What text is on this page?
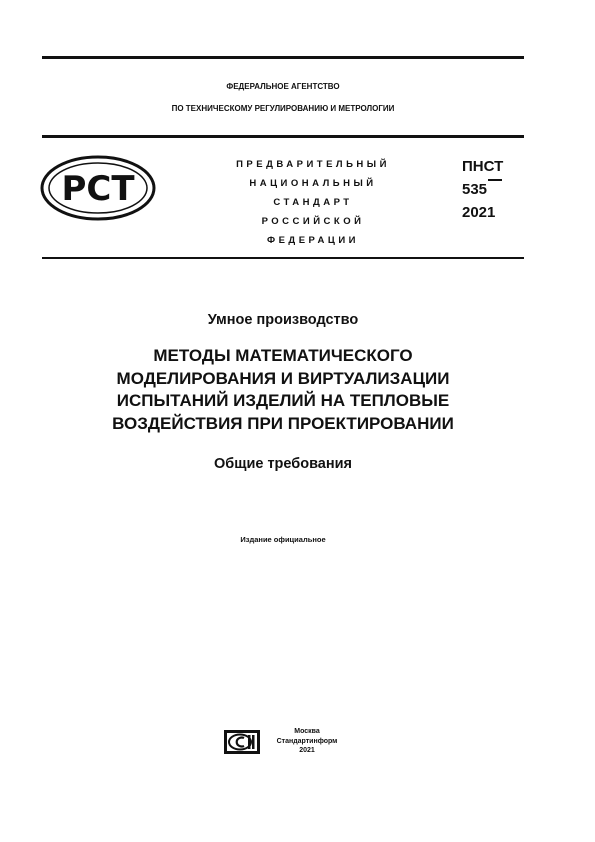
ФЕДЕРАЛЬНОЕ АГЕНТСТВО
ПО ТЕХНИЧЕСКОМУ РЕГУЛИРОВАНИЮ И МЕТРОЛОГИИ
РСТ
ПРЕДВАРИТЕЛЬНЫЙ
НАЦИОНАЛЬНЫЙ
СТАНДАРТ
РОССИЙСКОЙ
ФЕДЕРАЦИИ
ПНСТ
535
2021
Умное производство
МЕТОДЫ МАТЕМАТИЧЕСКОГО
МОДЕЛИРОВАНИЯ И ВИРТУАЛИЗАЦИИ
ИСПЫТАНИЙ ИЗДЕЛИЙ НА ТЕПЛОВЫЕ
ВОЗДЕЙСТВИЯ ПРИ ПРОЕКТИРОВАНИИ
Общие требования
Издание официальное
Москва
Стандартинформ
2021
